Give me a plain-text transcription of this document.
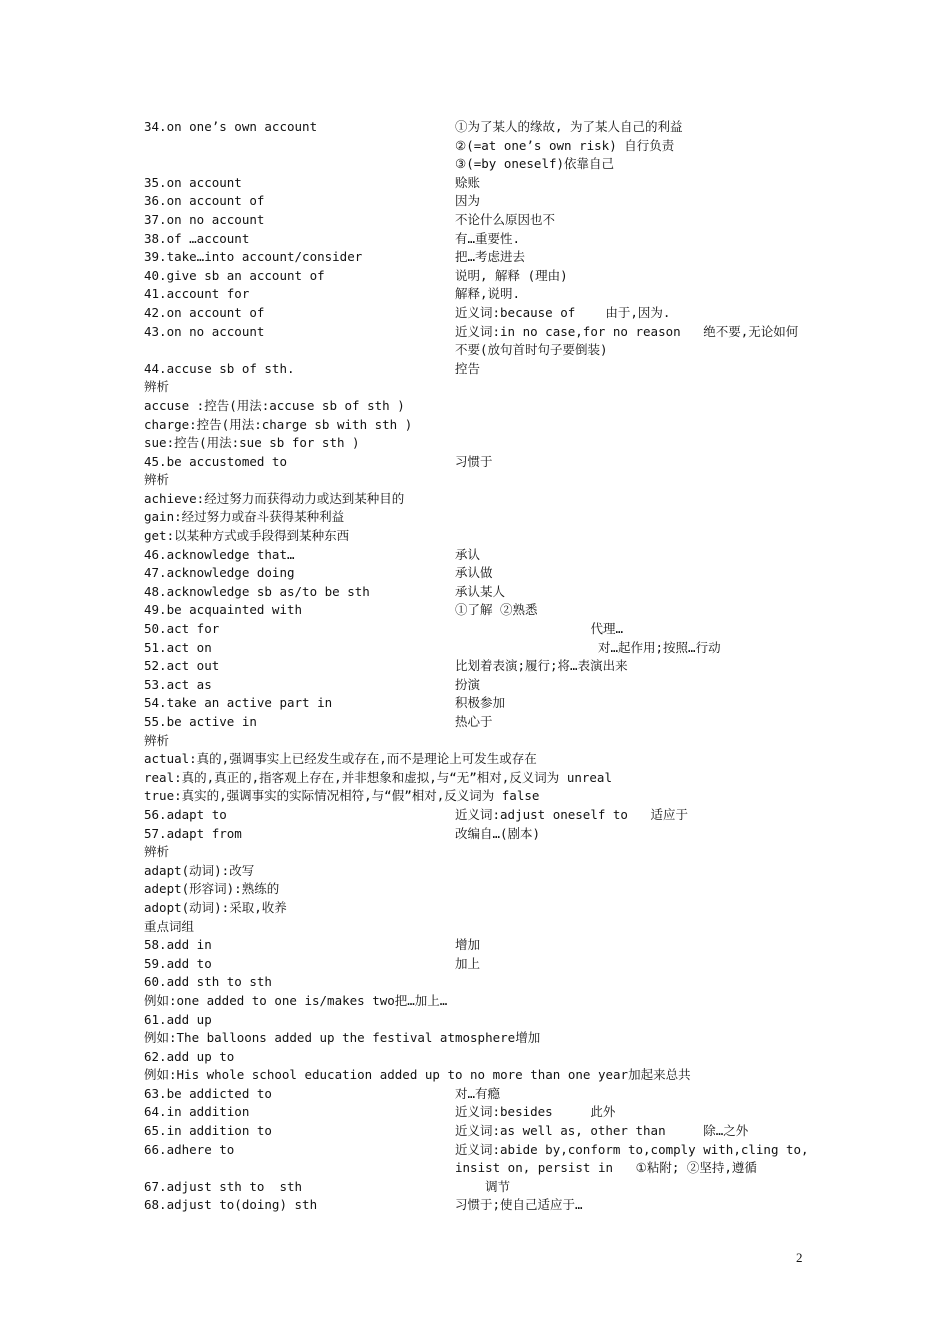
34.on one’s own account	①为了某人的缘故, 为了某人自己的利益
②(=at one’s own risk) 自行负责
③(=by oneself)依靠自己
35.on account	赊账
36.on account of	因为
37.on no account	不论什么原因也不
38.of …account	有…重要性.
39.take…into account/consider	把…考虑进去
40.give sb an account of	说明, 解释 (理由)
41.account for	解释,说明.
42.on account of	近义词:because of    由于,因为.
43.on no account	近义词:in no case,for no reason   绝不要,无论如何
不要(放句首时句子要倒装)
44.accuse sb of sth.	控告
辨析
accuse :控告(用法:accuse sb of sth )
charge:控告(用法:charge sb with sth )
sue:控告(用法:sue sb for sth )
45.be accustomed to	习惯于
辨析
achieve:经过努力而获得动力或达到某种目的
gain:经过努力或奋斗获得某种利益
get:以某种方式或手段得到某种东西
46.acknowledge that…	承认
47.acknowledge doing	承认做
48.acknowledge sb as/to be sth	承认某人
49.be acquainted with	①了解 ②熟悉
50.act for	代理…
51.act on	对…起作用;按照…行动
52.act out	比划着表演;履行;将…表演出来
53.act as	扮演
54.take an active part in	积极参加
55.be active in	热心于
辨析
actual:真的,强调事实上已经发生或存在,而不是理论上可发生或存在
real:真的,真正的,指客观上存在,并非想象和虚拟,与“无”相对,反义词为 unreal
true:真实的,强调事实的实际情况相符,与“假”相对,反义词为 false
56.adapt to	近义词:adjust oneself to   适应于
57.adapt from	改编自…(剧本)
辨析
adapt(动词):改写
adept(形容词):熟练的
adopt(动词):采取,收养
重点词组
58.add in	增加
59.add to	加上
60.add sth to sth
例如:one added to one is/makes two 把…加上…
61.add up
例如:The balloons added up the festival atmosphere 增加
62.add up to
例如:His whole school education added up to no more than one year 加起来总共
63.be addicted to	对…有瘾
64.in addition	近义词:besides     此外
65.in addition to	近义词:as well as, other than     除…之外
66.adhere to	近义词:abide by,conform to,comply with,cling to,
insist on, persist in   ①粘附; ②坚持,遵循
67.adjust sth to  sth	调节
68.adjust to(doing) sth	习惯于;使自己适应于…
2
